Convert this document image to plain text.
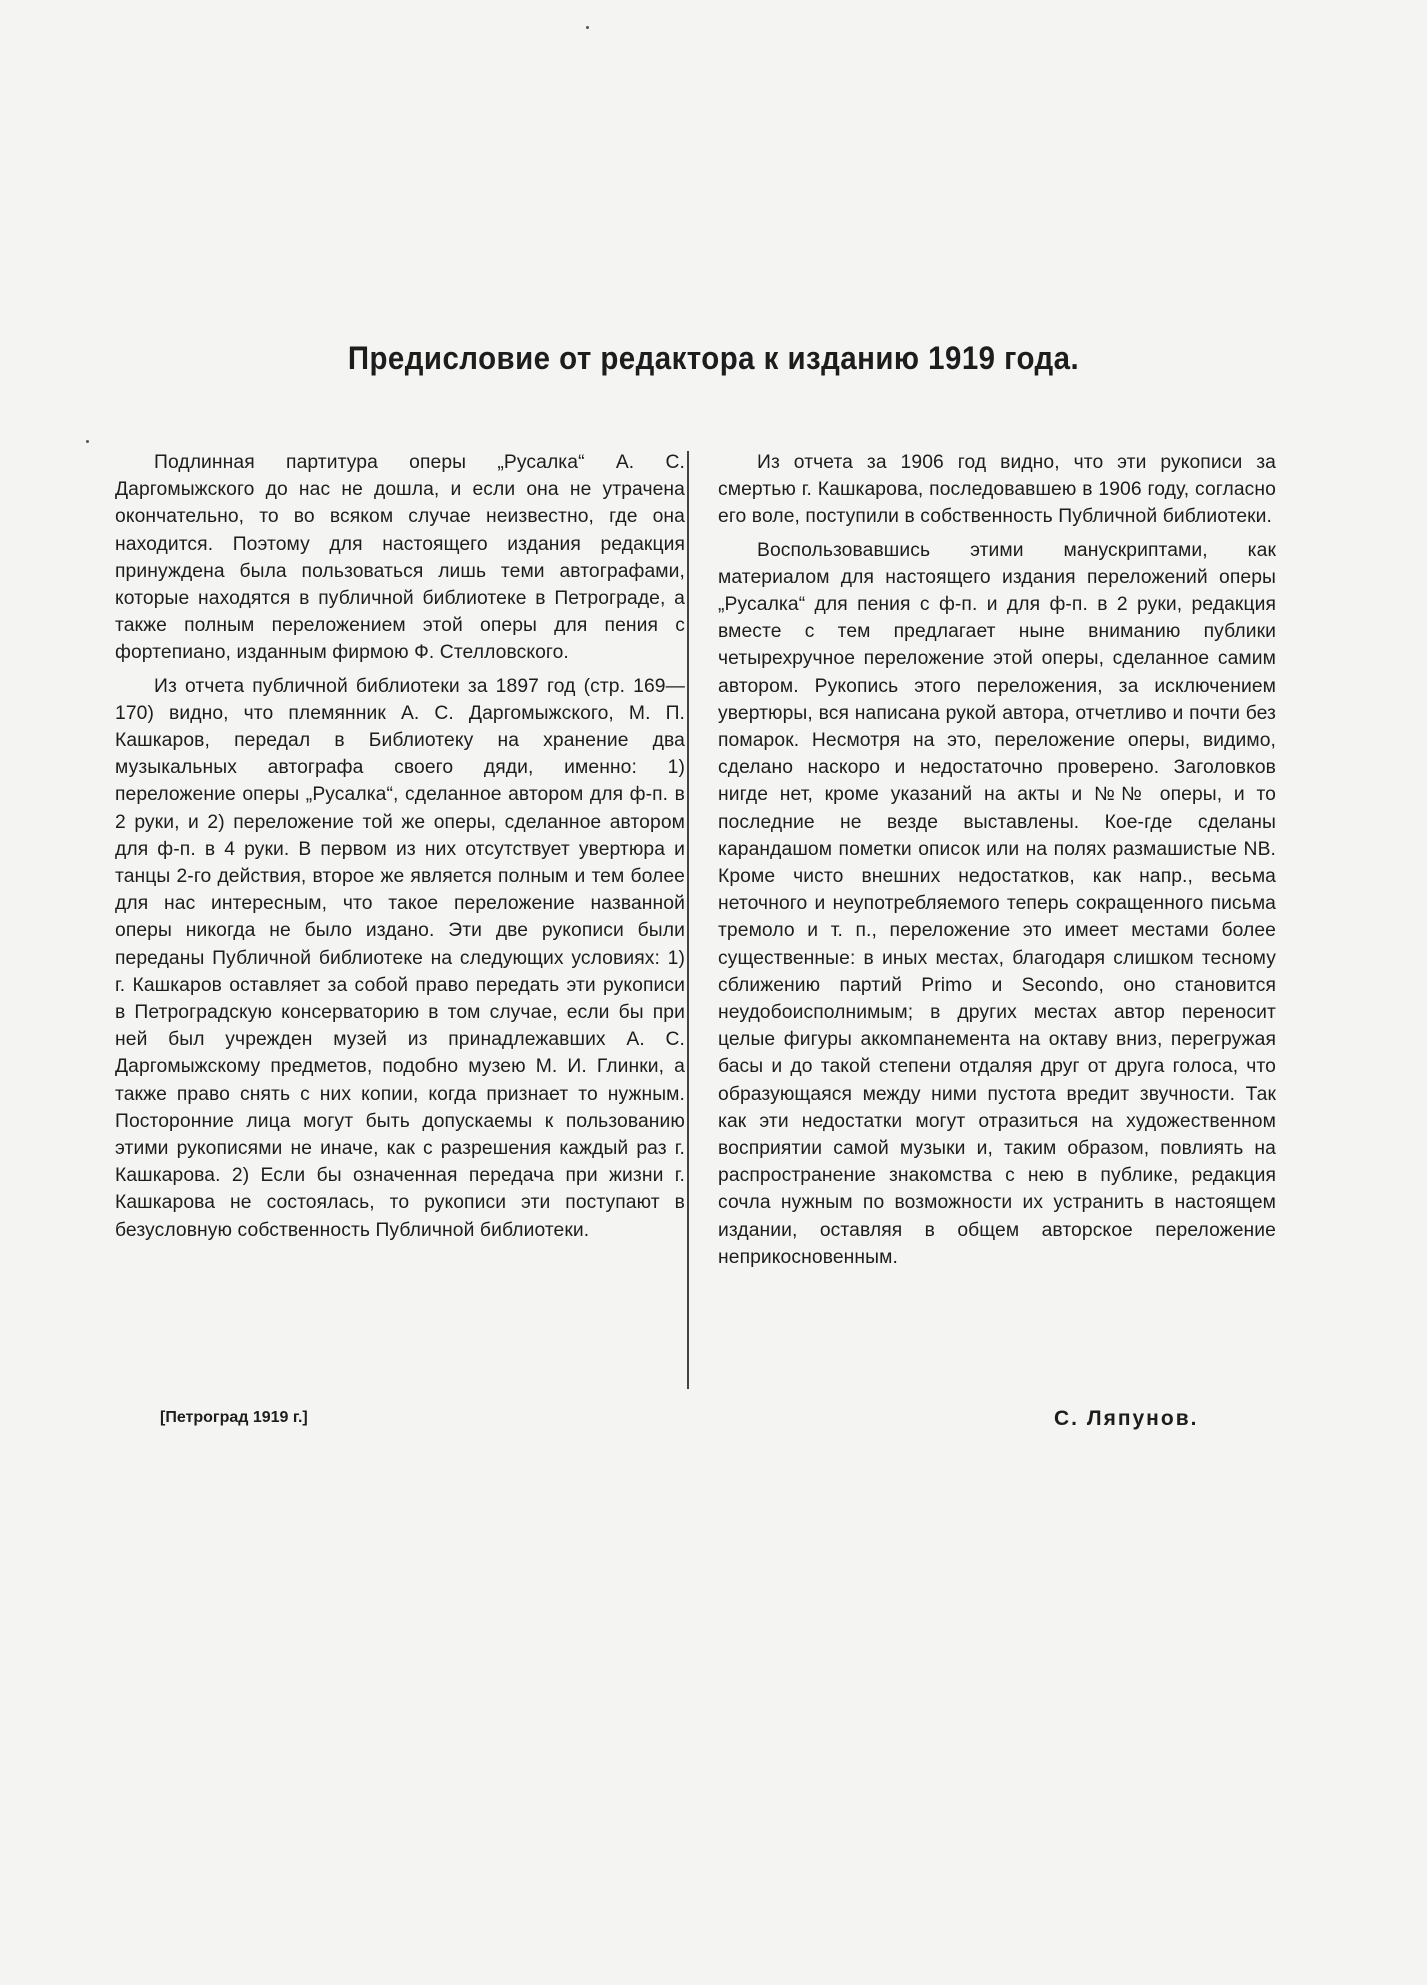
Предисловие от редактора к изданию 1919 года.

Подлинная партитура оперы „Русалка“ А. С. Даргомыжского до нас не дошла, и если она не утрачена окончательно, то во всяком случае неизвестно, где она находится. Поэтому для настоящего издания редакция принуждена была пользоваться лишь теми автографами, которые находятся в публичной библиотеке в Петрограде, а также полным переложением этой оперы для пения с фортепиано, изданным фирмою Ф. Стелловского.

Из отчета публичной библиотеки за 1897 год (стр. 169—170) видно, что племянник А. С. Даргомыжского, М. П. Кашкаров, передал в Библиотеку на хранение два музыкальных автографа своего дяди, именно: 1) переложение оперы „Русалка“, сделанное автором для ф-п. в 2 руки, и 2) переложение той же оперы, сделанное автором для ф-п. в 4 руки. В первом из них отсутствует увертюра и танцы 2-го действия, второе же является полным и тем более для нас интересным, что такое переложение названной оперы никогда не было издано. Эти две рукописи были переданы Публичной библиотеке на следующих условиях: 1) г. Кашкаров оставляет за собой право передать эти рукописи в Петроградскую консерваторию в том случае, если бы при ней был учрежден музей из принадлежавших А. С. Даргомыжскому предметов, подобно музею М. И. Глинки, а также право снять с них копии, когда признает то нужным. Посторонние лица могут быть допускаемы к пользованию этими рукописями не иначе, как с разрешения каждый раз г. Кашкарова. 2) Если бы означенная передача при жизни г. Кашкарова не состоялась, то рукописи эти поступают в безусловную собственность Публичной библиотеки.

Из отчета за 1906 год видно, что эти рукописи за смертью г. Кашкарова, последовавшею в 1906 году, согласно его воле, поступили в собственность Публичной библиотеки.

Воспользовавшись этими манускриптами, как материалом для настоящего издания переложений оперы „Русалка“ для пения с ф-п. и для ф-п. в 2 руки, редакция вместе с тем предлагает ныне вниманию публики четырехручное переложение этой оперы, сделанное самим автором. Рукопись этого переложения, за исключением увертюры, вся написана рукой автора, отчетливо и почти без помарок. Несмотря на это, переложение оперы, видимо, сделано наскоро и недостаточно проверено. Заголовков нигде нет, кроме указаний на акты и №№ оперы, и то последние не везде выставлены. Кое-где сделаны карандашом пометки описок или на полях размашистые NB. Кроме чисто внешних недостатков, как напр., весьма неточного и неупотребляемого теперь сокращенного письма тремоло и т. п., переложение это имеет местами более существенные: в иных местах, благодаря слишком тесному сближению партий Primo и Secondo, оно становится неудобоисполнимым; в других местах автор переносит целые фигуры аккомпанемента на октаву вниз, перегружая басы и до такой степени отдаляя друг от друга голоса, что образующаяся между ними пустота вредит звучности. Так как эти недостатки могут отразиться на художественном восприятии самой музыки и, таким образом, повлиять на распространение знакомства с нею в публике, редакция сочла нужным по возможности их устранить в настоящем издании, оставляя в общем авторское переложение неприкосновенным.

[Петроград 1919 г.]	С. Ляпунов.
